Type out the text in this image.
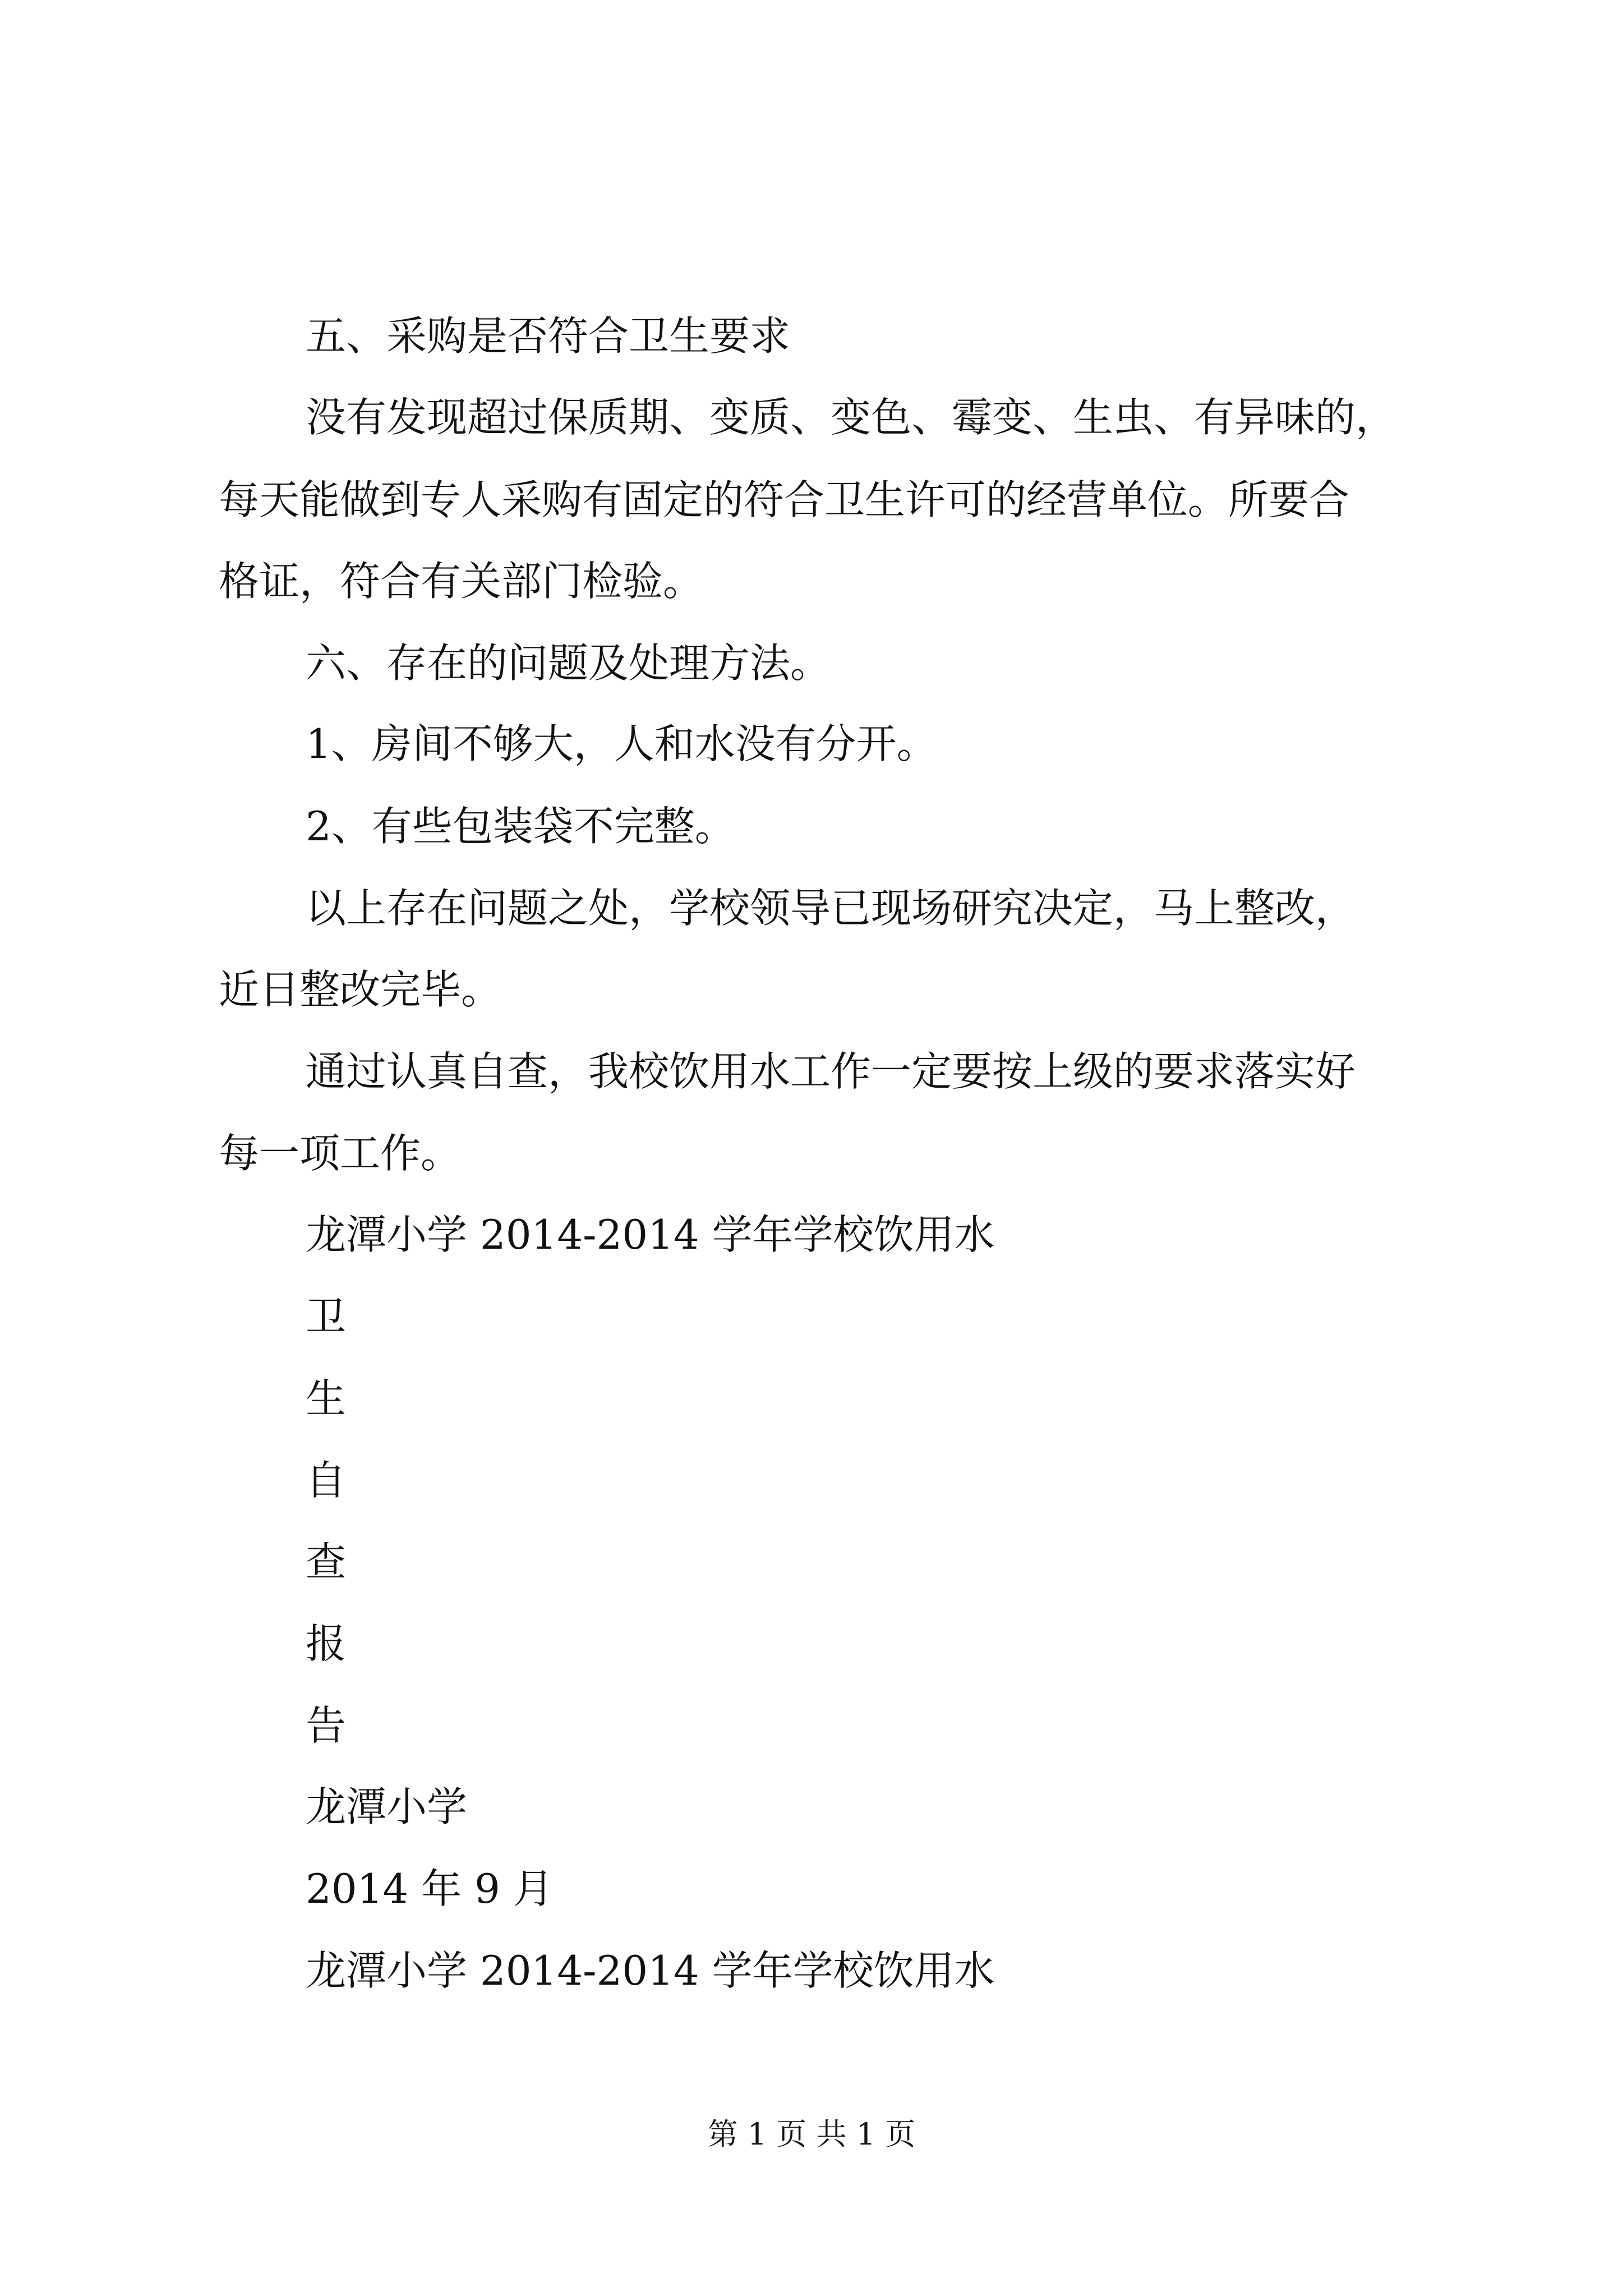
五、采购是否符合卫生要求

没有发现超过保质期、变质、变色、霉变、生虫、有异味的，

每天能做到专人采购有固定的符合卫生许可的经营单位。所要合

格证，符合有关部门检验。

六、存在的问题及处理方法。

1、房间不够大，人和水没有分开。

2、有些包装袋不完整。

以上存在问题之处，学校领导已现场研究决定，马上整改，

近日整改完毕。

通过认真自查，我校饮用水工作一定要按上级的要求落实好

每一项工作。

龙潭小学 2014-2014 学年学校饮用水

卫

生

自

查

报

告

龙潭小学

2014 年 9 月

龙潭小学 2014-2014 学年学校饮用水

第 1 页 共 1 页
